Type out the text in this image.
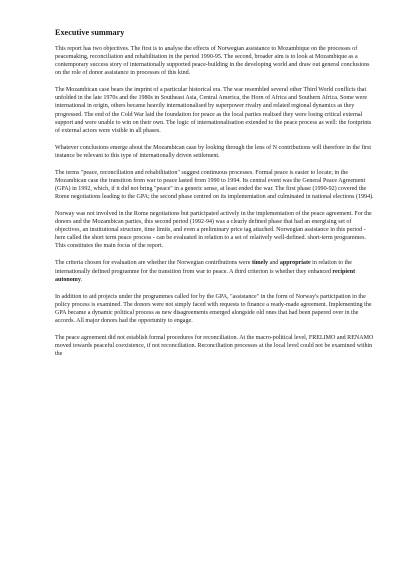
Executive summary

This report has two objectives. The first is to analyse the effects of Norwegian assistance to Mozambique on the processes of peacemaking, reconciliation and rehabilitation in the period 1990-95. The second, broader aim is to look at Mozambique as a contemporary success story of internationally supported peace-building in the developing world and draw out general conclusions on the role of donor assistance in processes of this kind.

The Mozambican case bears the imprint of a particular historical era. The war resembled several other Third World conflicts that unfolded in the late 1970s and the 1980s in Southeast Asia, Central America, the Horn of Africa and Southern Africa. Some were international in origin, others became heavily internationalised by superpower rivalry and related regional dynamics as they progressed. The end of the Cold War laid the foundation for peace as the local parties realised they were losing critical external support and were unable to win on their own. The logic of internationalisation extended to the peace process as well: the footprints of external actors were visible in all phases.

Whatever conclusions emerge about the Mozambican case by looking through the lens of N contributions will therefore in the first instance be relevant to this type of internationally driven settlement.

The terms "peace, reconciliation and rehabilitation" suggest continuous processes. Formal peace is easier to locate; in the Mozambican case the transition from war to peace lasted from 1990 to 1994. Its central event was the General Peace Agreement (GPA) in 1992, which, if it did not bring "peace" in a generic sense, at least ended the war. The first phase (1990-92) covered the Rome negotiations leading to the GPA; the second phase centred on its implementation and culminated in national elections (1994).

Norway was not involved in the Rome negotiations but participated actively in the implementation of the peace agreement. For the donors and the Mozambican parties, this second period (1992-94) was a clearly defined phase that had an energising set of objectives, an institutional structure, time limits, and even a preliminary price tag attached. Norwegian assistance in this period - here called the short term peace process - can be evaluated in relation to a set of relatively well-defined. short-term programmes. This constitutes the main focus of the report.

The criteria chosen for evaluation are whether the Norwegian contributions were timely and appropriate in relation to the internationally defined programme for the transition from war to peace. A third criterion is whether they enhanced recipient autonomy.

In addition to aid projects under the programmes called for by the GPA, "assistance" in the form of Norway's participation in the policy process is examined. The donors were not simply faced with requests to finance a ready-made agreement. Implementing the GPA became a dynamic political process as new disagreements emerged alongside old ones that had been papered over in the accords. All major donors had the opportunity to engage.

The peace agreement did not establish formal procedures for reconciliation. At the macro-political level, FRELIMO and RENAMO moved towards peaceful coexistence, if not reconciliation. Reconciliation processes at the local level could not be examined within the
